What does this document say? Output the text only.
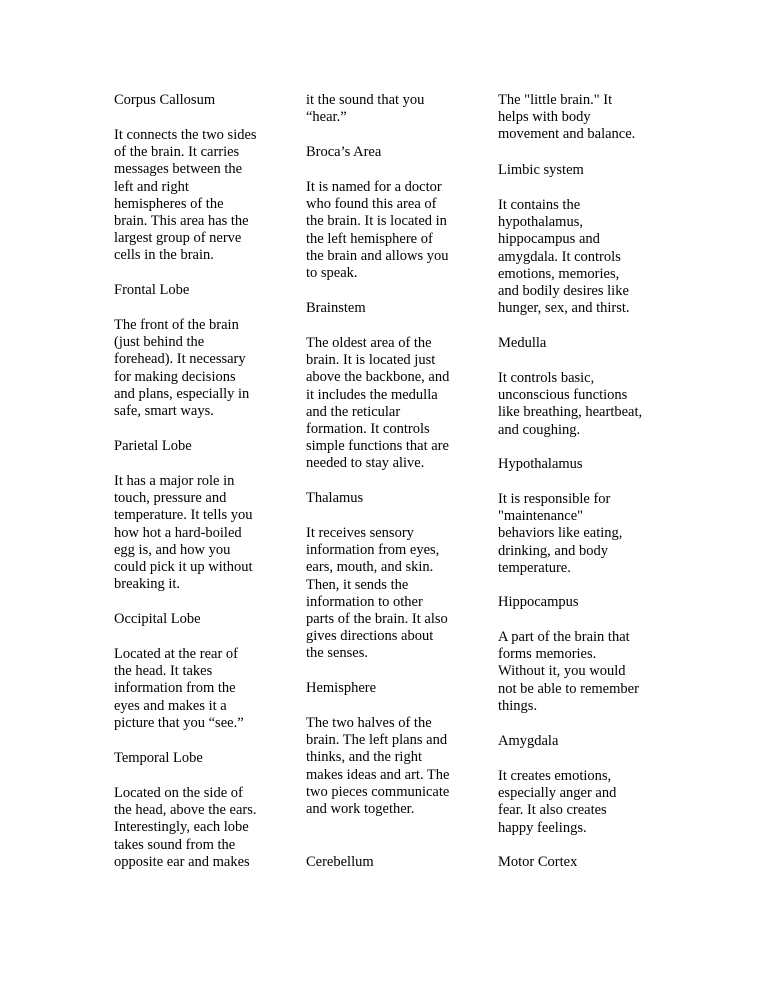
Corpus Callosum

It connects the two sides
of the brain. It carries
messages between the
left and right
hemispheres of the
brain. This area has the
largest group of nerve
cells in the brain.

Frontal Lobe

The front of the brain
(just behind the
forehead). It necessary
for making decisions
and plans, especially in
safe, smart ways.

Parietal Lobe

It has a major role in
touch, pressure and
temperature. It tells you
how hot a hard-boiled
egg is, and how you
could pick it up without
breaking it.

Occipital Lobe

Located at the rear of
the head. It takes
information from the
eyes and makes it a
picture that you “see.”

Temporal Lobe

Located on the side of
the head, above the ears.
Interestingly, each lobe
takes sound from the
opposite ear and makes

it the sound that you
“hear.”

Broca’s Area

It is named for a doctor
who found this area of
the brain. It is located in
the left hemisphere of
the brain and allows you
to speak.

Brainstem

The oldest area of the
brain. It is located just
above the backbone, and
it includes the medulla
and the reticular
formation. It controls
simple functions that are
needed to stay alive.

Thalamus

It receives sensory
information from eyes,
ears, mouth, and skin.
Then, it sends the
information to other
parts of the brain. It also
gives directions about
the senses.

Hemisphere

The two halves of the
brain. The left plans and
thinks, and the right
makes ideas and art. The
two pieces communicate
and work together.

Cerebellum

The "little brain." It
helps with body
movement and balance.

Limbic system

It contains the
hypothalamus,
hippocampus and
amygdala. It controls
emotions, memories,
and bodily desires like
hunger, sex, and thirst.

Medulla

It controls basic,
unconscious functions
like breathing, heartbeat,
and coughing.

Hypothalamus

It is responsible for
"maintenance"
behaviors like eating,
drinking, and body
temperature.

Hippocampus

A part of the brain that
forms memories.
Without it, you would
not be able to remember
things.

Amygdala

It creates emotions,
especially anger and
fear. It also creates
happy feelings.

Motor Cortex
